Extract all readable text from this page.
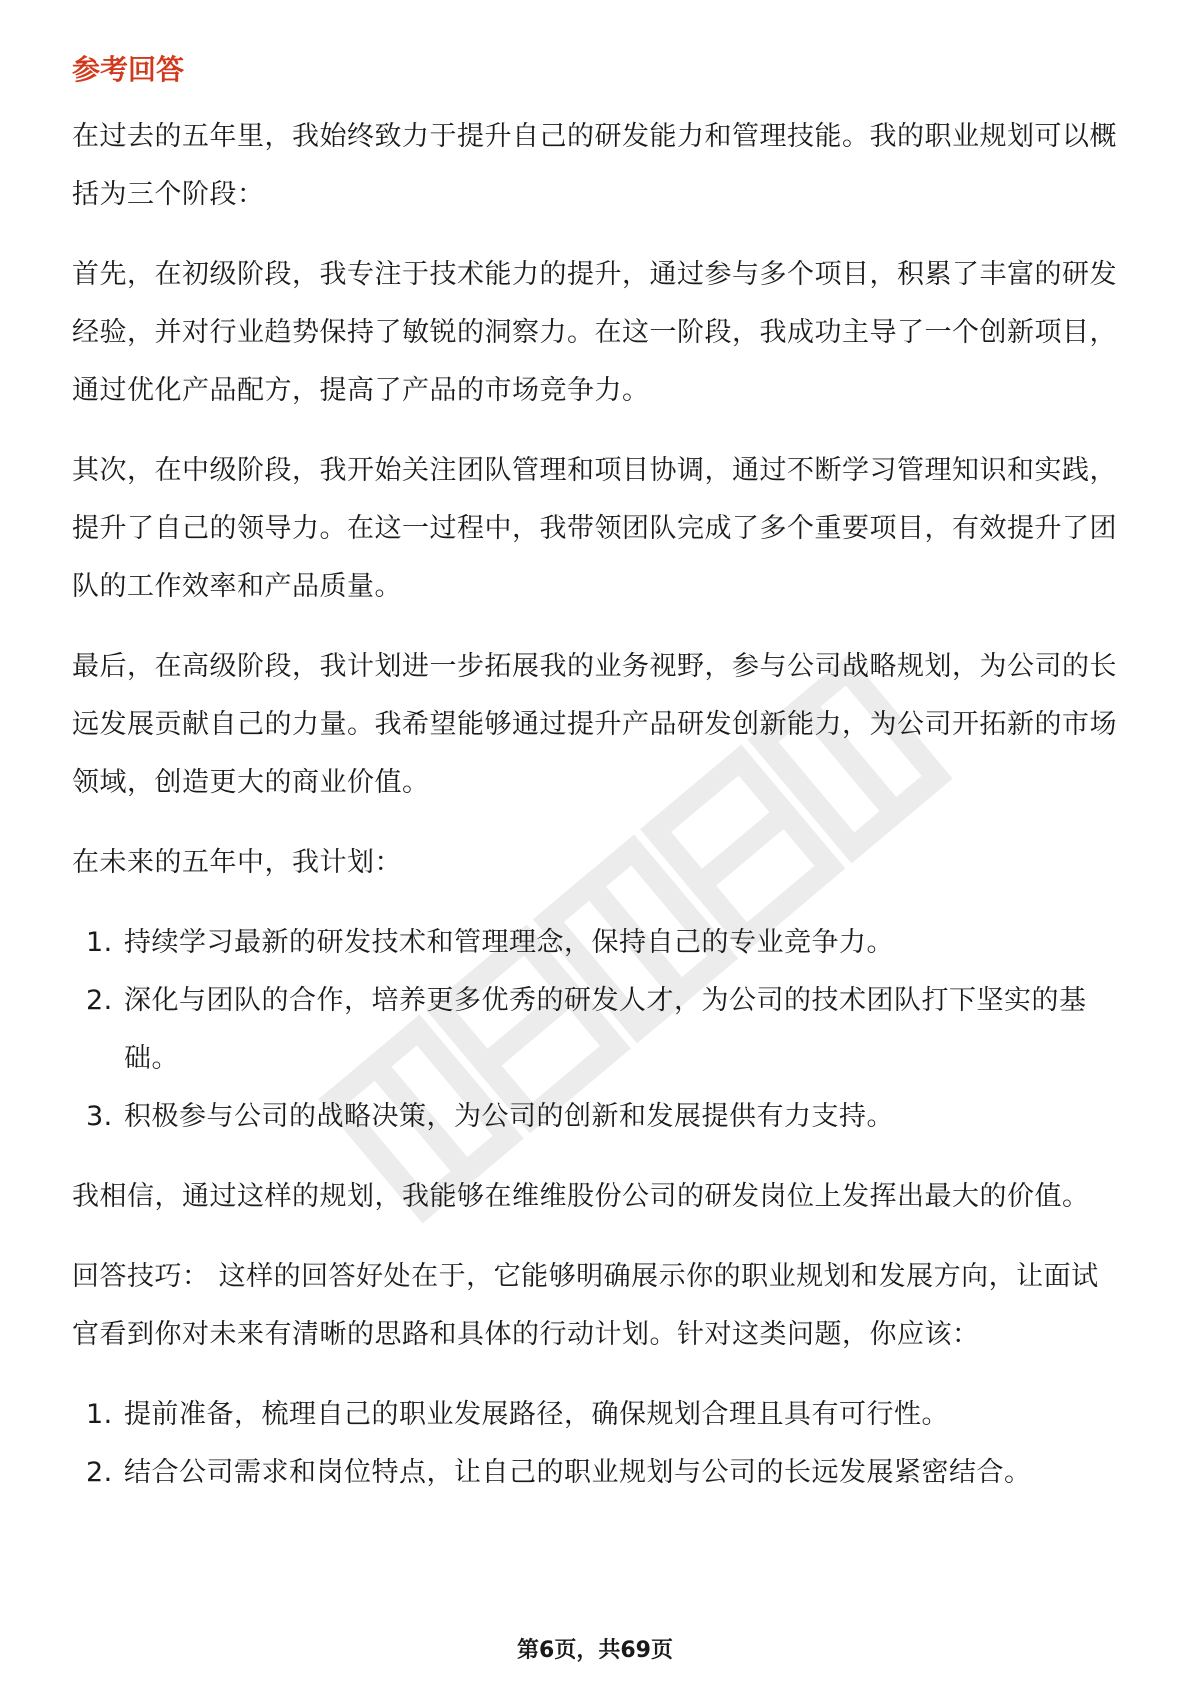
参考回答

在过去的五年里，我始终致力于提升自己的研发能力和管理技能。我的职业规划可以概括为三个阶段：

首先，在初级阶段，我专注于技术能力的提升，通过参与多个项目，积累了丰富的研发经验，并对行业趋势保持了敏锐的洞察力。在这一阶段，我成功主导了一个创新项目，通过优化产品配方，提高了产品的市场竞争力。

其次，在中级阶段，我开始关注团队管理和项目协调，通过不断学习管理知识和实践，提升了自己的领导力。在这一过程中，我带领团队完成了多个重要项目，有效提升了团队的工作效率和产品质量。

最后，在高级阶段，我计划进一步拓展我的业务视野，参与公司战略规划，为公司的长远发展贡献自己的力量。我希望能够通过提升产品研发创新能力，为公司开拓新的市场领域，创造更大的商业价值。

在未来的五年中，我计划：

1. 持续学习最新的研发技术和管理理念，保持自己的专业竞争力。
2. 深化与团队的合作，培养更多优秀的研发人才，为公司的技术团队打下坚实的基础。
3. 积极参与公司的战略决策，为公司的创新和发展提供有力支持。

我相信，通过这样的规划，我能够在维维股份公司的研发岗位上发挥出最大的价值。

回答技巧： 这样的回答好处在于，它能够明确展示你的职业规划和发展方向，让面试官看到你对未来有清晰的思路和具体的行动计划。针对这类问题，你应该：

1. 提前准备，梳理自己的职业发展路径，确保规划合理且具有可行性。
2. 结合公司需求和岗位特点，让自己的职业规划与公司的长远发展紧密结合。
第6页，共69页
